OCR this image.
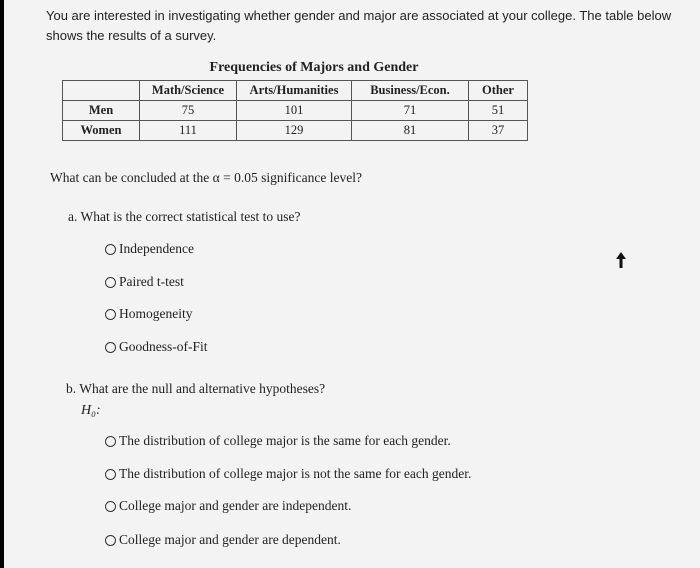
You are interested in investigating whether gender and major are associated at your college. The table below
shows the results of a survey.
Frequencies of Majors and Gender
	Math/Science	Arts/Humanities	Business/Econ.	Other
Men	75	101	71	51
Women	111	129	81	37
What can be concluded at the α = 0.05 significance level?
a. What is the correct statistical test to use?
Independence
Paired t-test
Homogeneity
Goodness-of-Fit
b. What are the null and alternative hypotheses?
H₀:
The distribution of college major is the same for each gender.
The distribution of college major is not the same for each gender.
College major and gender are independent.
College major and gender are dependent.
